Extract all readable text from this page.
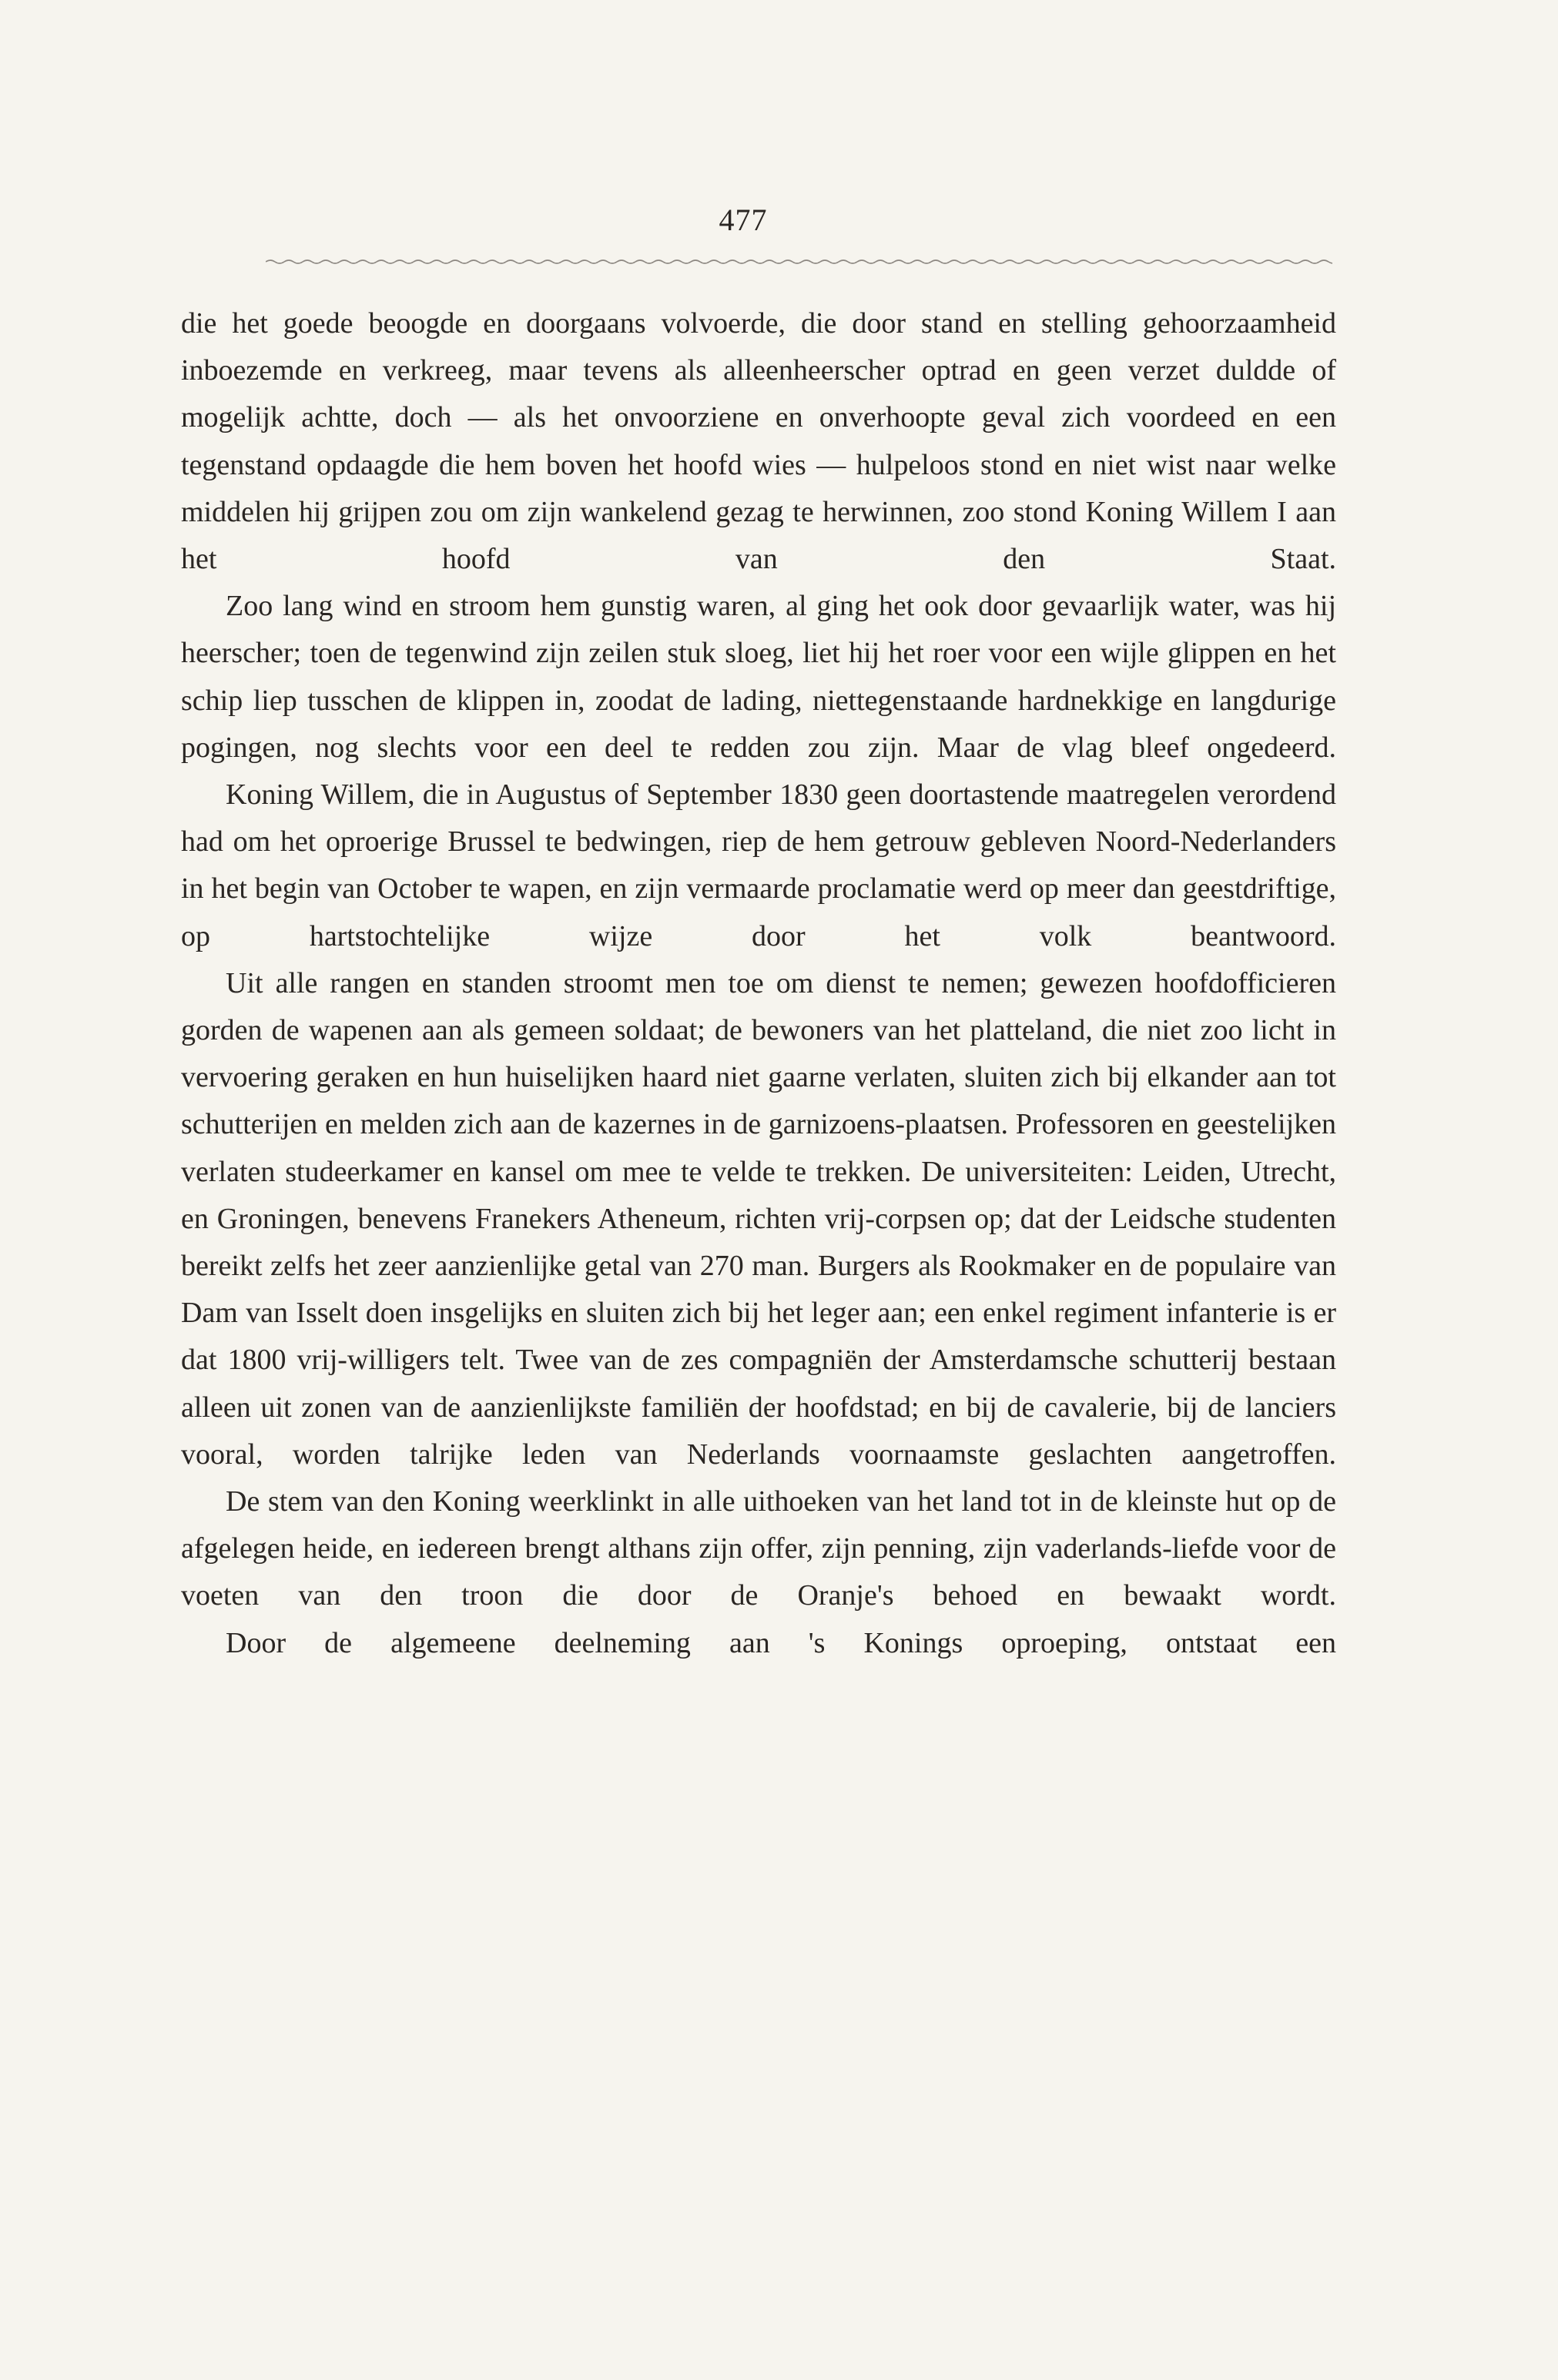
477

die het goede beoogde en doorgaans volvoerde, die door stand en stelling gehoorzaamheid inboezemde en verkreeg, maar tevens als alleenheerscher optrad en geen verzet duldde of mogelijk achtte, doch — als het onvoorziene en onverhoopte geval zich voordeed en een tegenstand opdaagde die hem boven het hoofd wies — hulpeloos stond en niet wist naar welke middelen hij grijpen zou om zijn wankelend gezag te herwinnen, zoo stond Koning Willem I aan het hoofd van den Staat.

Zoo lang wind en stroom hem gunstig waren, al ging het ook door gevaarlijk water, was hij heerscher; toen de tegenwind zijn zeilen stuk sloeg, liet hij het roer voor een wijle glippen en het schip liep tusschen de klippen in, zoodat de lading, niettegenstaande hardnekkige en langdurige pogingen, nog slechts voor een deel te redden zou zijn. Maar de vlag bleef ongedeerd.

Koning Willem, die in Augustus of September 1830 geen doortastende maatregelen verordend had om het oproerige Brussel te bedwingen, riep de hem getrouw gebleven Noord-Nederlanders in het begin van October te wapen, en zijn vermaarde proclamatie werd op meer dan geestdriftige, op hartstochtelijke wijze door het volk beantwoord.

Uit alle rangen en standen stroomt men toe om dienst te nemen; gewezen hoofdofficieren gorden de wapenen aan als gemeen soldaat; de bewoners van het platteland, die niet zoo licht in vervoering geraken en hun huiselijken haard niet gaarne verlaten, sluiten zich bij elkander aan tot schutterijen en melden zich aan de kazernes in de garnizoens-plaatsen. Professoren en geestelijken verlaten studeerkamer en kansel om mee te velde te trekken. De universiteiten: Leiden, Utrecht, en Groningen, benevens Franekers Atheneum, richten vrij-corpsen op; dat der Leidsche studenten bereikt zelfs het zeer aanzienlijke getal van 270 man. Burgers als Rookmaker en de populaire van Dam van Isselt doen insgelijks en sluiten zich bij het leger aan; een enkel regiment infanterie is er dat 1800 vrij-willigers telt. Twee van de zes compagniën der Amsterdamsche schutterij bestaan alleen uit zonen van de aanzienlijkste familiën der hoofdstad; en bij de cavalerie, bij de lanciers vooral, worden talrijke leden van Nederlands voornaamste geslachten aangetroffen.

De stem van den Koning weerklinkt in alle uithoeken van het land tot in de kleinste hut op de afgelegen heide, en iedereen brengt althans zijn offer, zijn penning, zijn vaderlands-liefde voor de voeten van den troon die door de Oranje's behoed en bewaakt wordt.

Door de algemeene deelneming aan 's Konings oproeping, ontstaat een
